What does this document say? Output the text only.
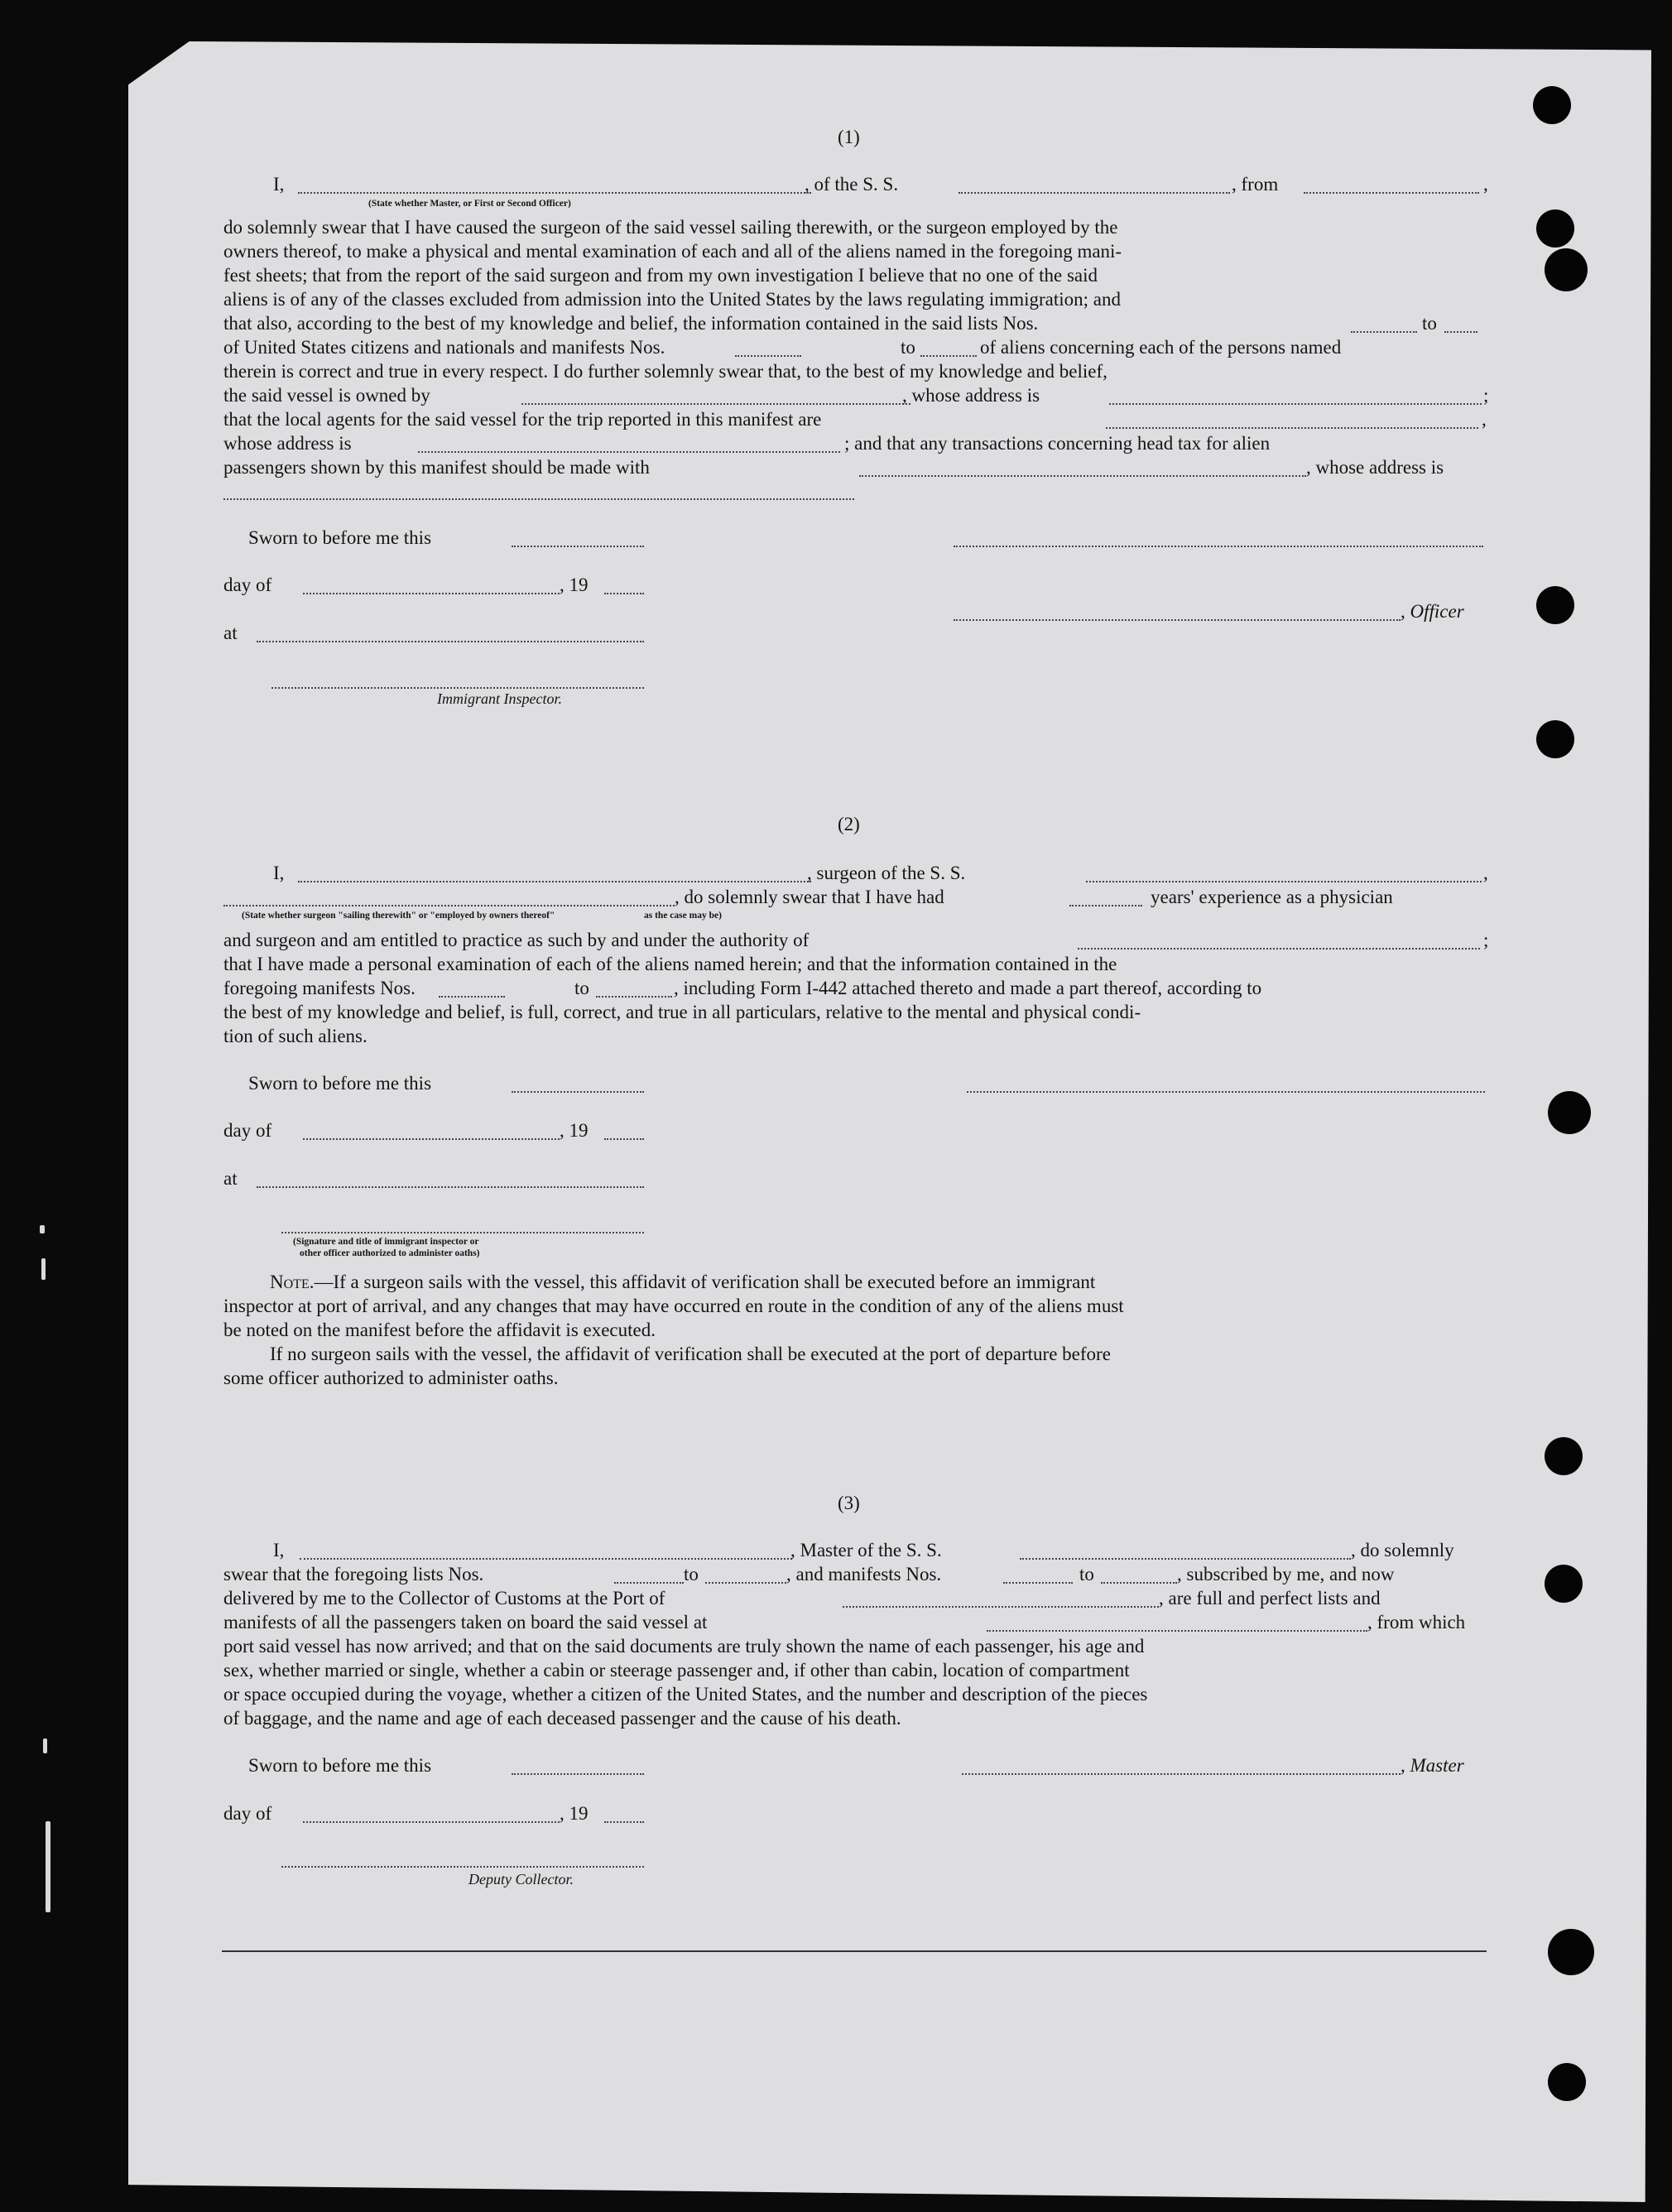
(1)
I,	, of the S. S.	, from	,
(State whether Master, or First or Second Officer)
do solemnly swear that I have caused the surgeon of the said vessel sailing therewith, or the surgeon employed by the
owners thereof, to make a physical and mental examination of each and all of the aliens named in the foregoing mani-
fest sheets; that from the report of the said surgeon and from my own investigation I believe that no one of the said
aliens is of any of the classes excluded from admission into the United States by the laws regulating immigration; and
that also, according to the best of my knowledge and belief, the information contained in the said lists Nos.	to
of United States citizens and nationals and manifests Nos.	to	of aliens concerning each of the persons named
therein is correct and true in every respect. I do further solemnly swear that, to the best of my knowledge and belief,
the said vessel is owned by	, whose address is	;
that the local agents for the said vessel for the trip reported in this manifest are	,
whose address is	; and that any transactions concerning head tax for alien
passengers shown by this manifest should be made with	, whose address is
Sworn to before me this
day of	, 19
, Officer
at
Immigrant Inspector.
(2)
I,	, surgeon of the S. S.	,
, do solemnly swear that I have had	years' experience as a physician
(State whether surgeon "sailing therewith" or "employed by owners thereof"	as the case may be)
and surgeon and am entitled to practice as such by and under the authority of	;
that I have made a personal examination of each of the aliens named herein; and that the information contained in the
foregoing manifests Nos.	to	, including Form I-442 attached thereto and made a part thereof, according to
the best of my knowledge and belief, is full, correct, and true in all particulars, relative to the mental and physical condi-
tion of such aliens.
Sworn to before me this
day of	, 19
at
(Signature and title of immigrant inspector or
other officer authorized to administer oaths)
Note.—If a surgeon sails with the vessel, this affidavit of verification shall be executed before an immigrant
inspector at port of arrival, and any changes that may have occurred en route in the condition of any of the aliens must
be noted on the manifest before the affidavit is executed.
If no surgeon sails with the vessel, the affidavit of verification shall be executed at the port of departure before
some officer authorized to administer oaths.
(3)
I,	, Master of the S. S.	, do solemnly
swear that the foregoing lists Nos.	to	, and manifests Nos.	to	, subscribed by me, and now
delivered by me to the Collector of Customs at the Port of	, are full and perfect lists and
manifests of all the passengers taken on board the said vessel at	, from which
port said vessel has now arrived; and that on the said documents are truly shown the name of each passenger, his age and
sex, whether married or single, whether a cabin or steerage passenger and, if other than cabin, location of compartment
or space occupied during the voyage, whether a citizen of the United States, and the number and description of the pieces
of baggage, and the name and age of each deceased passenger and the cause of his death.
Sworn to before me this	, Master
day of	, 19
Deputy Collector.
